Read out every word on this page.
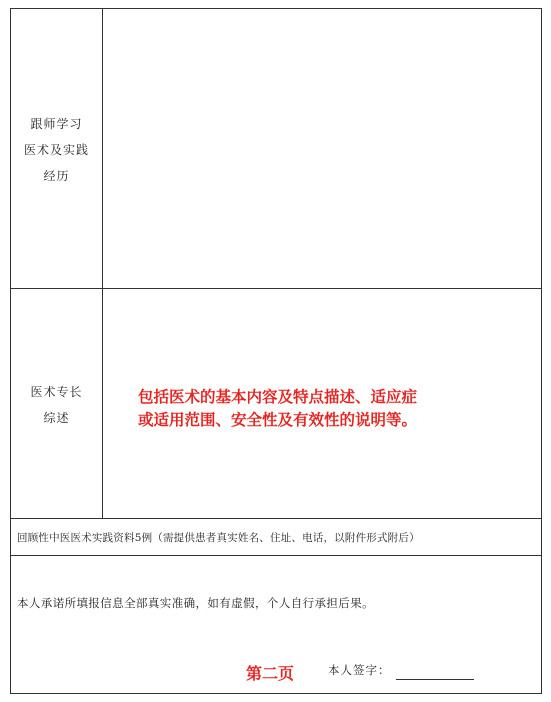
跟师学习
医术及实践
经历
医术专长
综述
包括医术的基本内容及特点描述、适应症
或适用范围、安全性及有效性的说明等。
回顾性中医医术实践资料5例（需提供患者真实姓名、住址、电话，以附件形式附后）
本人承诺所填报信息全部真实准确，如有虚假，个人自行承担后果。
第二页	本人签字：
